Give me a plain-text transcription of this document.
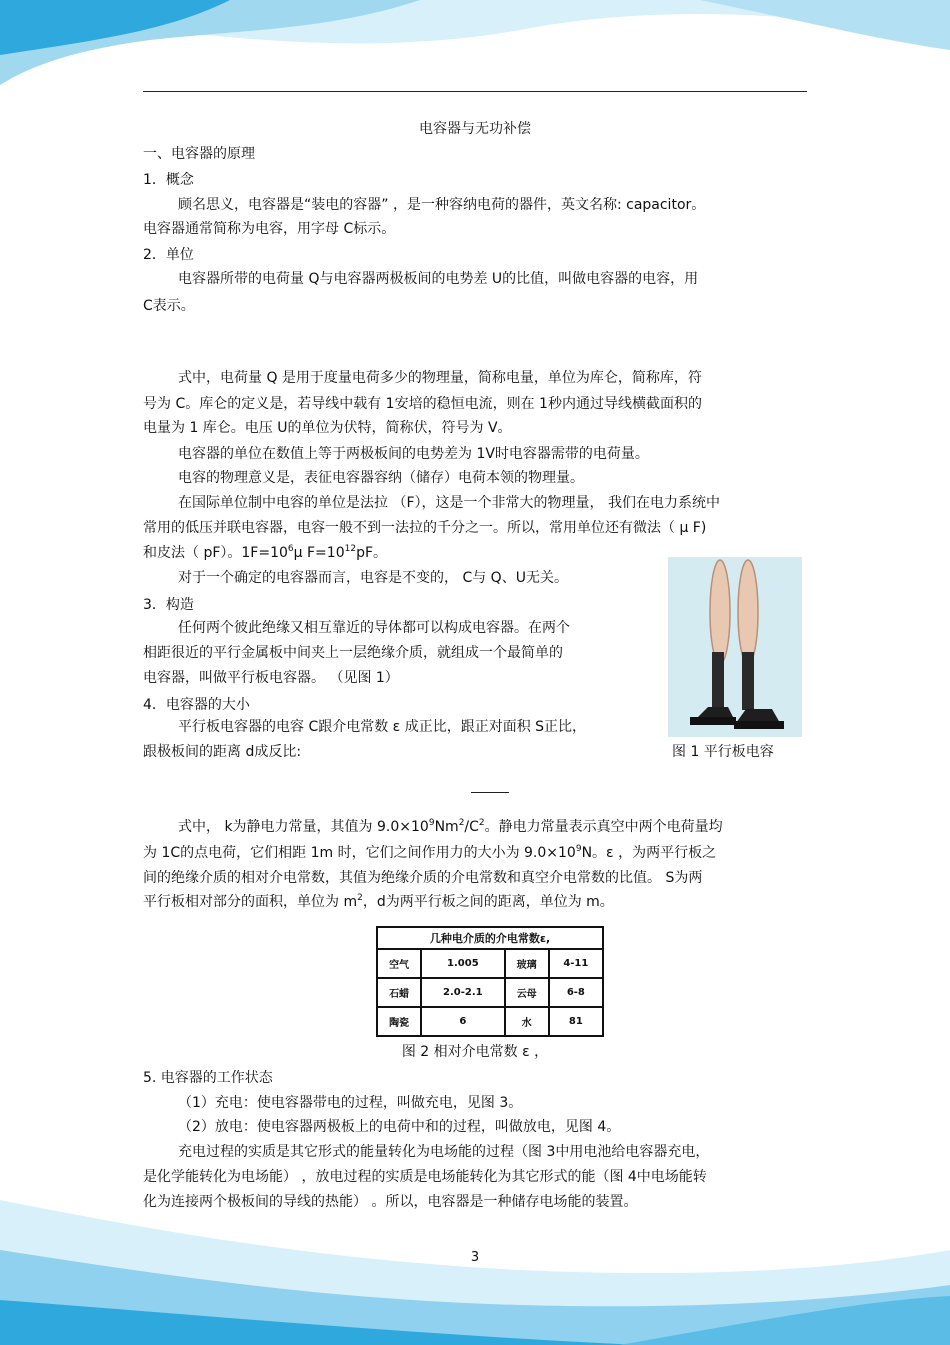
电容器与无功补偿
一、电容器的原理
1．概念
顾名思义，电容器是“装电的容器” ，是一种容纳电荷的器件，英文名称: capacitor。
电容器通常简称为电容，用字母 C标示。
2．单位
电容器所带的电荷量 Q与电容器两极板间的电势差 U的比值，叫做电容器的电容，用
C表示。
式中，电荷量 Q 是用于度量电荷多少的物理量，简称电量，单位为库仑，简称库，符
号为 C。库仑的定义是，若导线中载有 1安培的稳恒电流，则在 1秒内通过导线横截面积的
电量为 1 库仑。电压 U的单位为伏特，简称伏，符号为 V。
电容器的单位在数值上等于两极板间的电势差为 1V时电容器需带的电荷量。
电容的物理意义是，表征电容器容纳（储存）电荷本领的物理量。
在国际单位制中电容的单位是法拉 （F），这是一个非常大的物理量， 我们在电力系统中
常用的低压并联电容器，电容一般不到一法拉的千分之一。所以，常用单位还有微法（ μ F)
和皮法（ pF）。$1F=10^6\mu$ $F=10^{12}pF$。
对于一个确定的电容器而言，电容是不变的， C与 Q、U无关。
3．构造
任何两个彼此绝缘又相互靠近的导体都可以构成电容器。在两个
相距很近的平行金属板中间夹上一层绝缘介质，就组成一个最简单的
电容器，叫做平行板电容器。 （见图 1）
4．电容器的大小
平行板电容器的电容 C跟介电常数 ε 成正比，跟正对面积 S正比，
跟极板间的距离 d成反比:	图 1 平行板电容
式中， k为静电力常量，其值为 $9.0\times 10^9Nm^2/C^2$。静电力常量表示真空中两个电荷量均
为 1C的点电荷，它们相距 1m 时，它们之间作用力的大小为 $9.0\times 10^9N$。ε ，为两平行板之
间的绝缘介质的相对介电常数，其值为绝缘介质的介电常数和真空介电常数的比值。 S为两
平行板相对部分的面积，单位为 $m^2$，d为两平行板之间的距离，单位为 m。
几种电介质的介电常数ε,			
空气	1.005	玻璃	4-11
石蜡	2.0-2.1	云母	6-8
陶瓷	6	水	81
图 2 相对介电常数 ε ，
5. 电容器的工作状态
（1）充电：使电容器带电的过程，叫做充电，见图 3。
（2）放电：使电容器两极板上的电荷中和的过程，叫做放电，见图 4。
充电过程的实质是其它形式的能量转化为电场能的过程（图 3中用电池给电容器充电，
是化学能转化为电场能） ，放电过程的实质是电场能转化为其它形式的能（图 4中电场能转
化为连接两个极板间的导线的热能） 。所以，电容器是一种储存电场能的装置。
3
